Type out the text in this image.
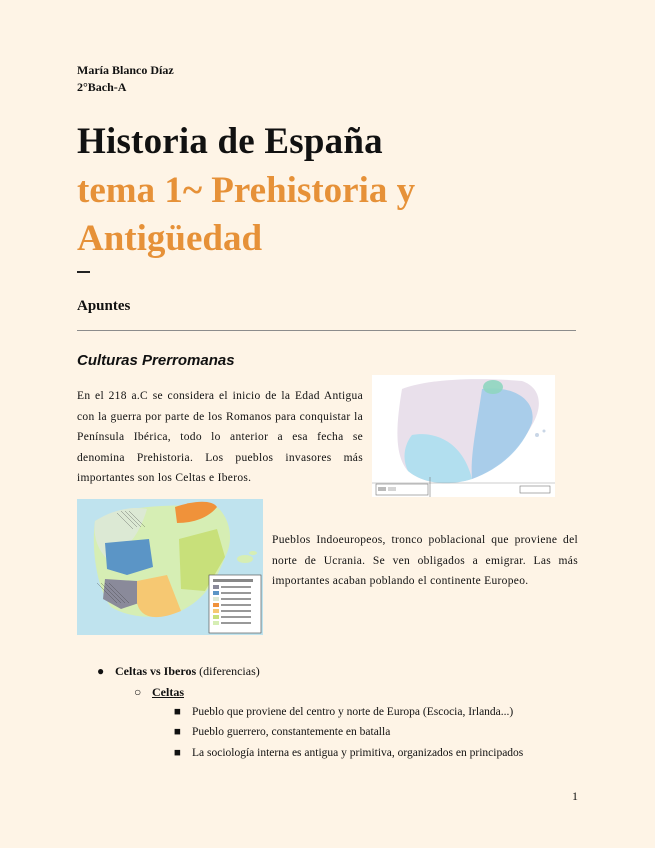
María Blanco Díaz
2°Bach-A
Historia de España
tema 1~ Prehistoria y Antigüedad
Apuntes
Culturas Prerromanas
En el 218 a.C se considera el inicio de la Edad Antigua con la guerra por parte de los Romanos para conquistar la Península Ibérica, todo lo anterior a esa fecha se denomina Prehistoria. Los pueblos invasores más importantes son los Celtas e Iberos.
Pueblos Indoeuropeos, tronco poblacional que proviene del norte de Ucrania. Se ven obligados a emigrar. Las más importantes acaban poblando el continente Europeo.
● Celtas vs Iberos (diferencias)
○ Celtas
■ Pueblo que proviene del centro y norte de Europa (Escocia, Irlanda...)
■ Pueblo guerrero, constantemente en batalla
■ La sociología interna es antigua y primitiva, organizados en principados
1
